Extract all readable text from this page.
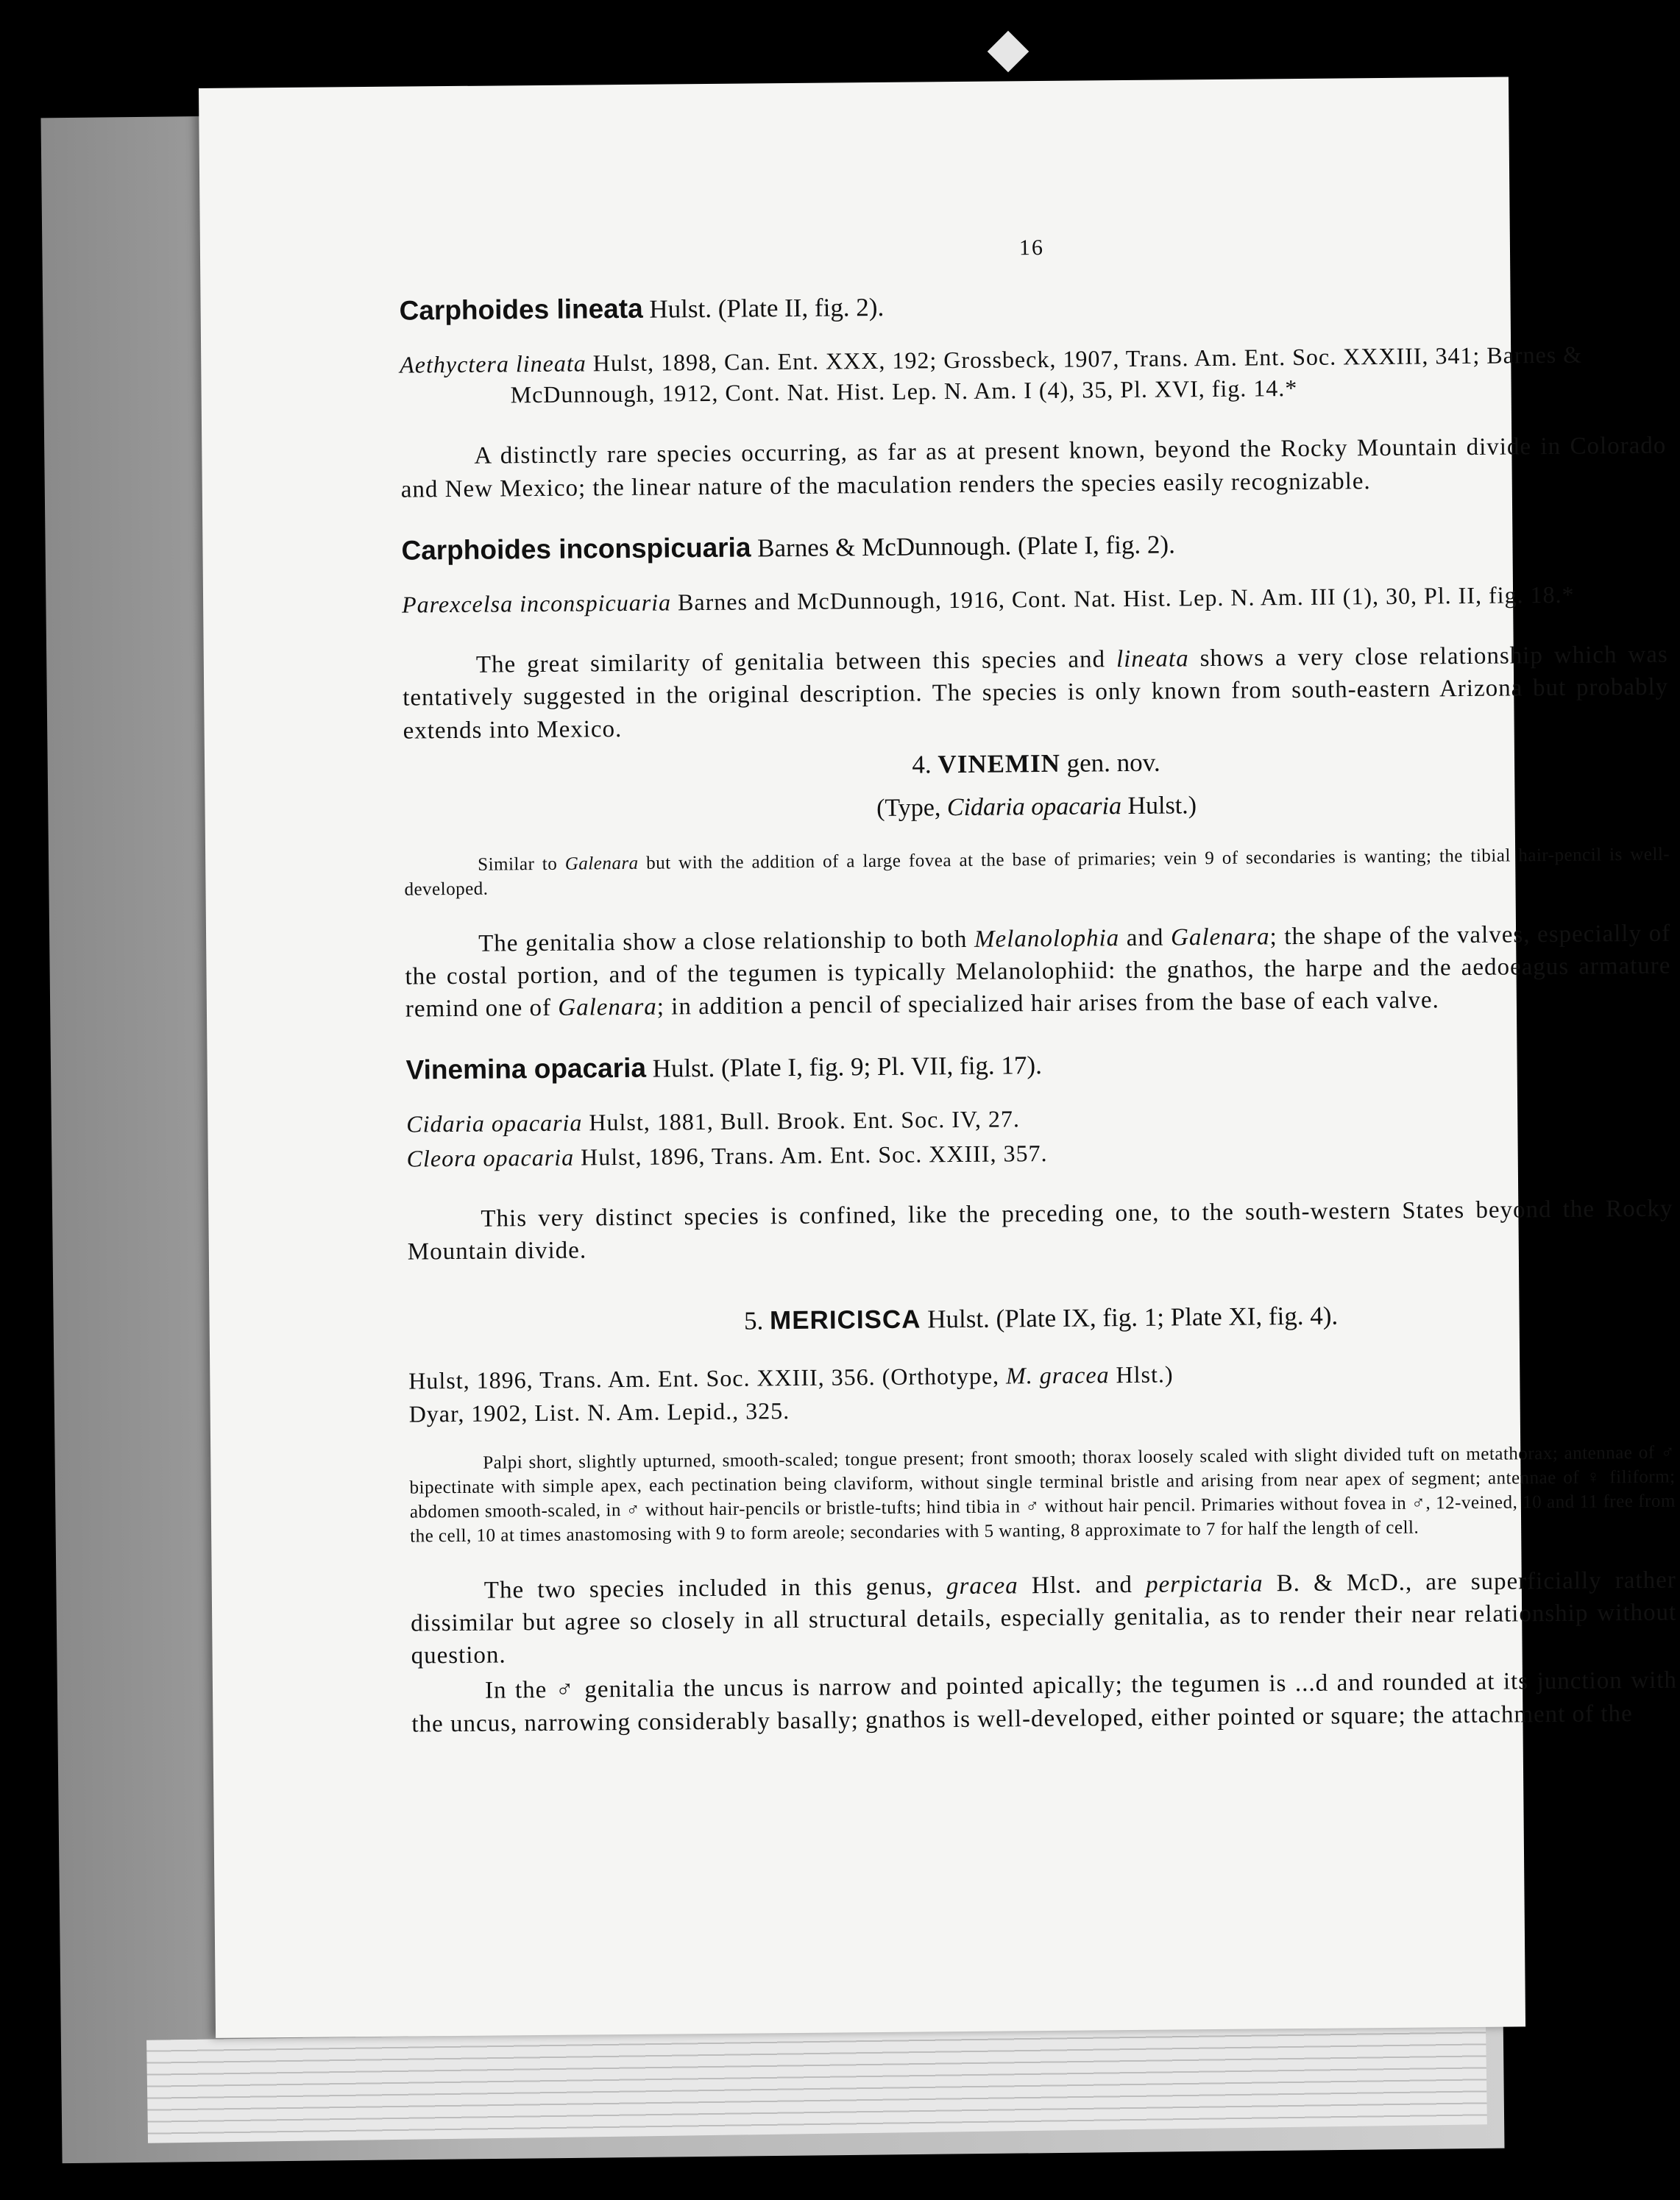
16
Carphoides lineata Hulst. (Plate II, fig. 2).
Aethyctera lineata Hulst, 1898, Can. Ent. XXX, 192; Grossbeck, 1907, Trans. Am. Ent. Soc. XXXIII, 341; Barnes & McDunnough, 1912, Cont. Nat. Hist. Lep. N. Am. I (4), 35, Pl. XVI, fig. 14.*
A distinctly rare species occurring, as far as at present known, beyond the Rocky Mountain divide in Colorado and New Mexico; the linear nature of the maculation renders the species easily recognizable.
Carphoides inconspicuaria Barnes & McDunnough. (Plate I, fig. 2).
Parexcelsa inconspicuaria Barnes and McDunnough, 1916, Cont. Nat. Hist. Lep. N. Am. III (1), 30, Pl. II, fig. 18.*
The great similarity of genitalia between this species and lineata shows a very close relationship which was tentatively suggested in the original description. The species is only known from south-eastern Arizona but probably extends into Mexico.
4. VINEMIN gen. nov.
(Type, Cidaria opacaria Hulst.)
Similar to Galenara but with the addition of a large fovea at the base of primaries; vein 9 of secondaries is wanting; the tibial hair-pencil is well-developed.
The genitalia show a close relationship to both Melanolophia and Galenara; the shape of the valves, especially of the costal portion, and of the tegumen is typically Melanolophiid: the gnathos, the harpe and the aedoeagus armature remind one of Galenara; in addition a pencil of specialized hair arises from the base of each valve.
Vinemina opacaria Hulst. (Plate I, fig. 9; Pl. VII, fig. 17).
Cidaria opacaria Hulst, 1881, Bull. Brook. Ent. Soc. IV, 27.
Cleora opacaria Hulst, 1896, Trans. Am. Ent. Soc. XXIII, 357.
This very distinct species is confined, like the preceding one, to the south-western States beyond the Rocky Mountain divide.
5. MERICISCA Hulst. (Plate IX, fig. 1; Plate XI, fig. 4).
Hulst, 1896, Trans. Am. Ent. Soc. XXIII, 356. (Orthotype, M. gracea Hlst.)
Dyar, 1902, List. N. Am. Lepid., 325.
Palpi short, slightly upturned, smooth-scaled; tongue present; front smooth; thorax loosely scaled with slight divided tuft on metathorax; antennae of ♂ bipectinate with simple apex, each pectination being claviform, without single terminal bristle and arising from near apex of segment; antennae of ♀ filiform; abdomen smooth-scaled, in ♂ without hair-pencils or bristle-tufts; hind tibia in ♂ without hair pencil. Primaries without fovea in ♂, 12-veined, 10 and 11 free from the cell, 10 at times anastomosing with 9 to form areole; secondaries with 5 wanting, 8 approximate to 7 for half the length of cell.
The two species included in this genus, gracea Hlst. and perpictaria B. & McD., are superficially rather dissimilar but agree so closely in all structural details, especially genitalia, as to render their near relationship without question.
In the ♂ genitalia the uncus is narrow and pointed apically; the tegumen is ...d and rounded at its junction with the uncus, narrowing considerably basally; gnathos is well-developed, either pointed or square; the attachment of the
